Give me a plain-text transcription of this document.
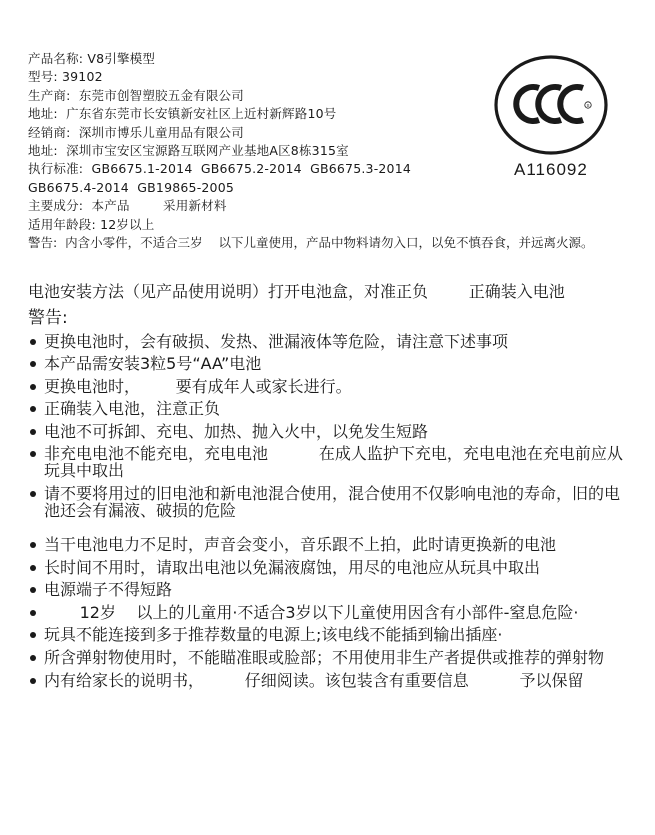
产品名称: V8引擎模型
型号: 39102
生产商:  东莞市创智塑胶五金有限公司
地址:  广东省东莞市长安镇新安社区上近村新辉路10号
经销商:  深圳市博乐儿童用品有限公司
地址:  深圳市宝安区宝源路互联网产业基地A区8栋315室
执行标准:  GB6675.1-2014  GB6675.2-2014  GB6675.3-2014
GB6675.4-2014  GB19865-2005
主要成分:  本产品        采用新材料
适用年龄段: 12岁以上
警告:  内含小零件，不适合三岁    以下儿童使用，产品中物料请勿入口，以免不慎吞食，并远离火源。
S
A116092
电池安装方法（见产品使用说明）打开电池盒，对准正负        正确装入电池
警告:
更换电池时，会有破损、发热、泄漏液体等危险，请注意下述事项
本产品需安装3粒5号“AA”电池
更换电池时，       要有成年人或家长进行。
正确装入电池，注意正负
电池不可拆卸、充电、加热、抛入火中，以免发生短路
非充电电池不能充电，充电电池          在成人监护下充电，充电电池在充电前应从玩具中取出
请不要将用过的旧电池和新电池混合使用，混合使用不仅影响电池的寿命，旧的电池还会有漏液、破损的危险
当干电池电力不足时，声音会变小，音乐跟不上拍，此时请更换新的电池
长时间不用时，请取出电池以免漏液腐蚀，用尽的电池应从玩具中取出
电源端子不得短路
12岁    以上的儿童用·不适合3岁以下儿童使用因含有小部件-窒息危险·
玩具不能连接到多于推荐数量的电源上;该电线不能插到输出插座·
所含弹射物使用时，不能瞄准眼或脸部；不用使用非生产者提供或推荐的弹射物
内有给家长的说明书，        仔细阅读。该包装含有重要信息          予以保留
